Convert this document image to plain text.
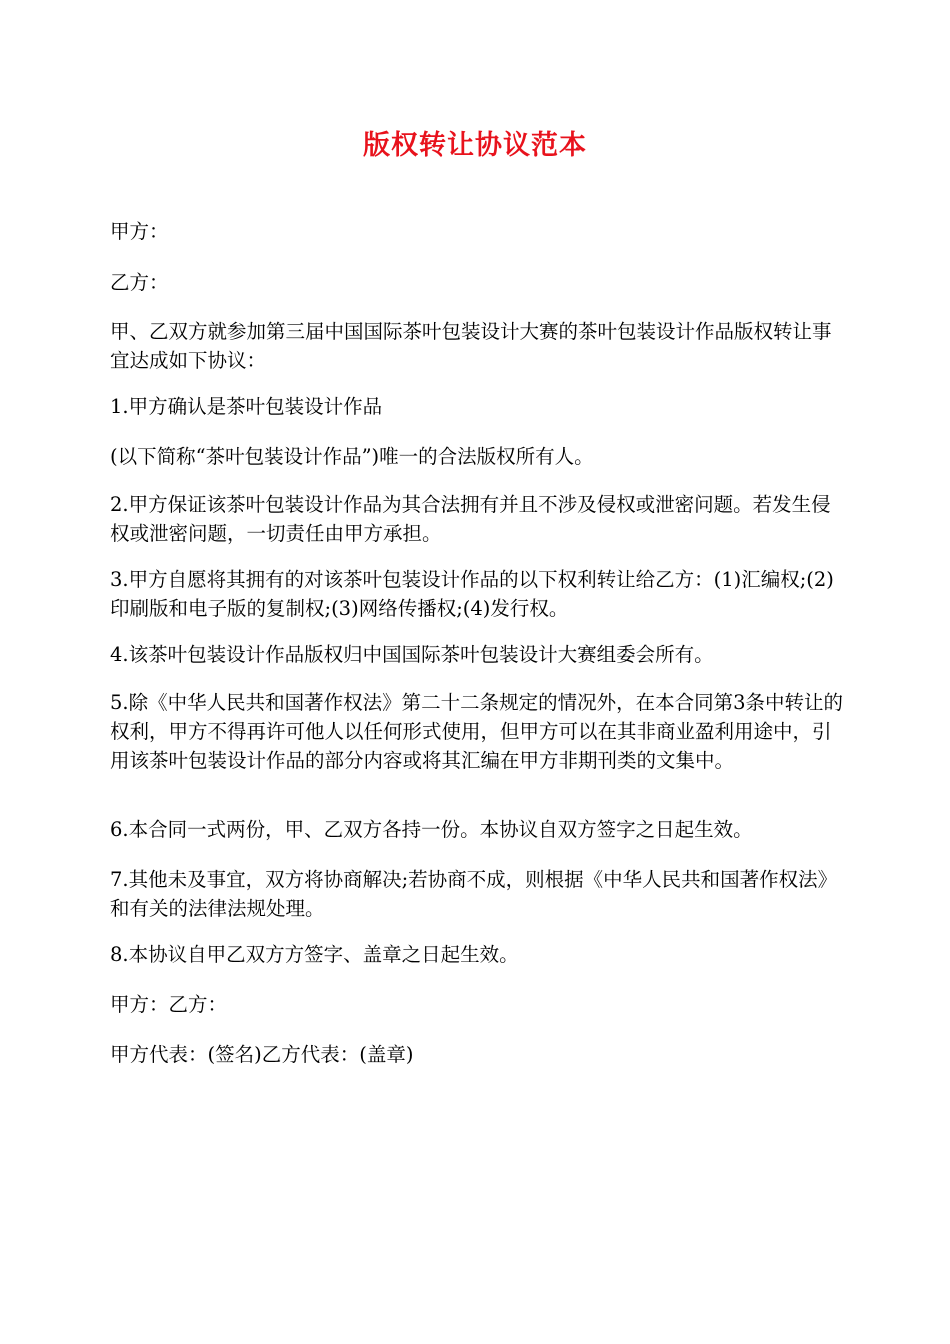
版权转让协议范本

甲方：

乙方：

甲、乙双方就参加第三届中国国际茶叶包装设计大赛的茶叶包装设计作品版权转让事宜达成如下协议：

1.甲方确认是茶叶包装设计作品

(以下简称“茶叶包装设计作品”)唯一的合法版权所有人。

2.甲方保证该茶叶包装设计作品为其合法拥有并且不涉及侵权或泄密问题。若发生侵权或泄密问题，一切责任由甲方承担。

3.甲方自愿将其拥有的对该茶叶包装设计作品的以下权利转让给乙方：(1)汇编权;(2)印刷版和电子版的复制权;(3)网络传播权;(4)发行权。

4.该茶叶包装设计作品版权归中国国际茶叶包装设计大赛组委会所有。

5.除《中华人民共和国著作权法》第二十二条规定的情况外，在本合同第3条中转让的权利，甲方不得再许可他人以任何形式使用，但甲方可以在其非商业盈利用途中，引用该茶叶包装设计作品的部分内容或将其汇编在甲方非期刊类的文集中。

6.本合同一式两份，甲、乙双方各持一份。本协议自双方签字之日起生效。

7.其他未及事宜，双方将协商解决;若协商不成，则根据《中华人民共和国著作权法》和有关的法律法规处理。

8.本协议自甲乙双方方签字、盖章之日起生效。

甲方：乙方：

甲方代表：(签名)乙方代表：(盖章)
